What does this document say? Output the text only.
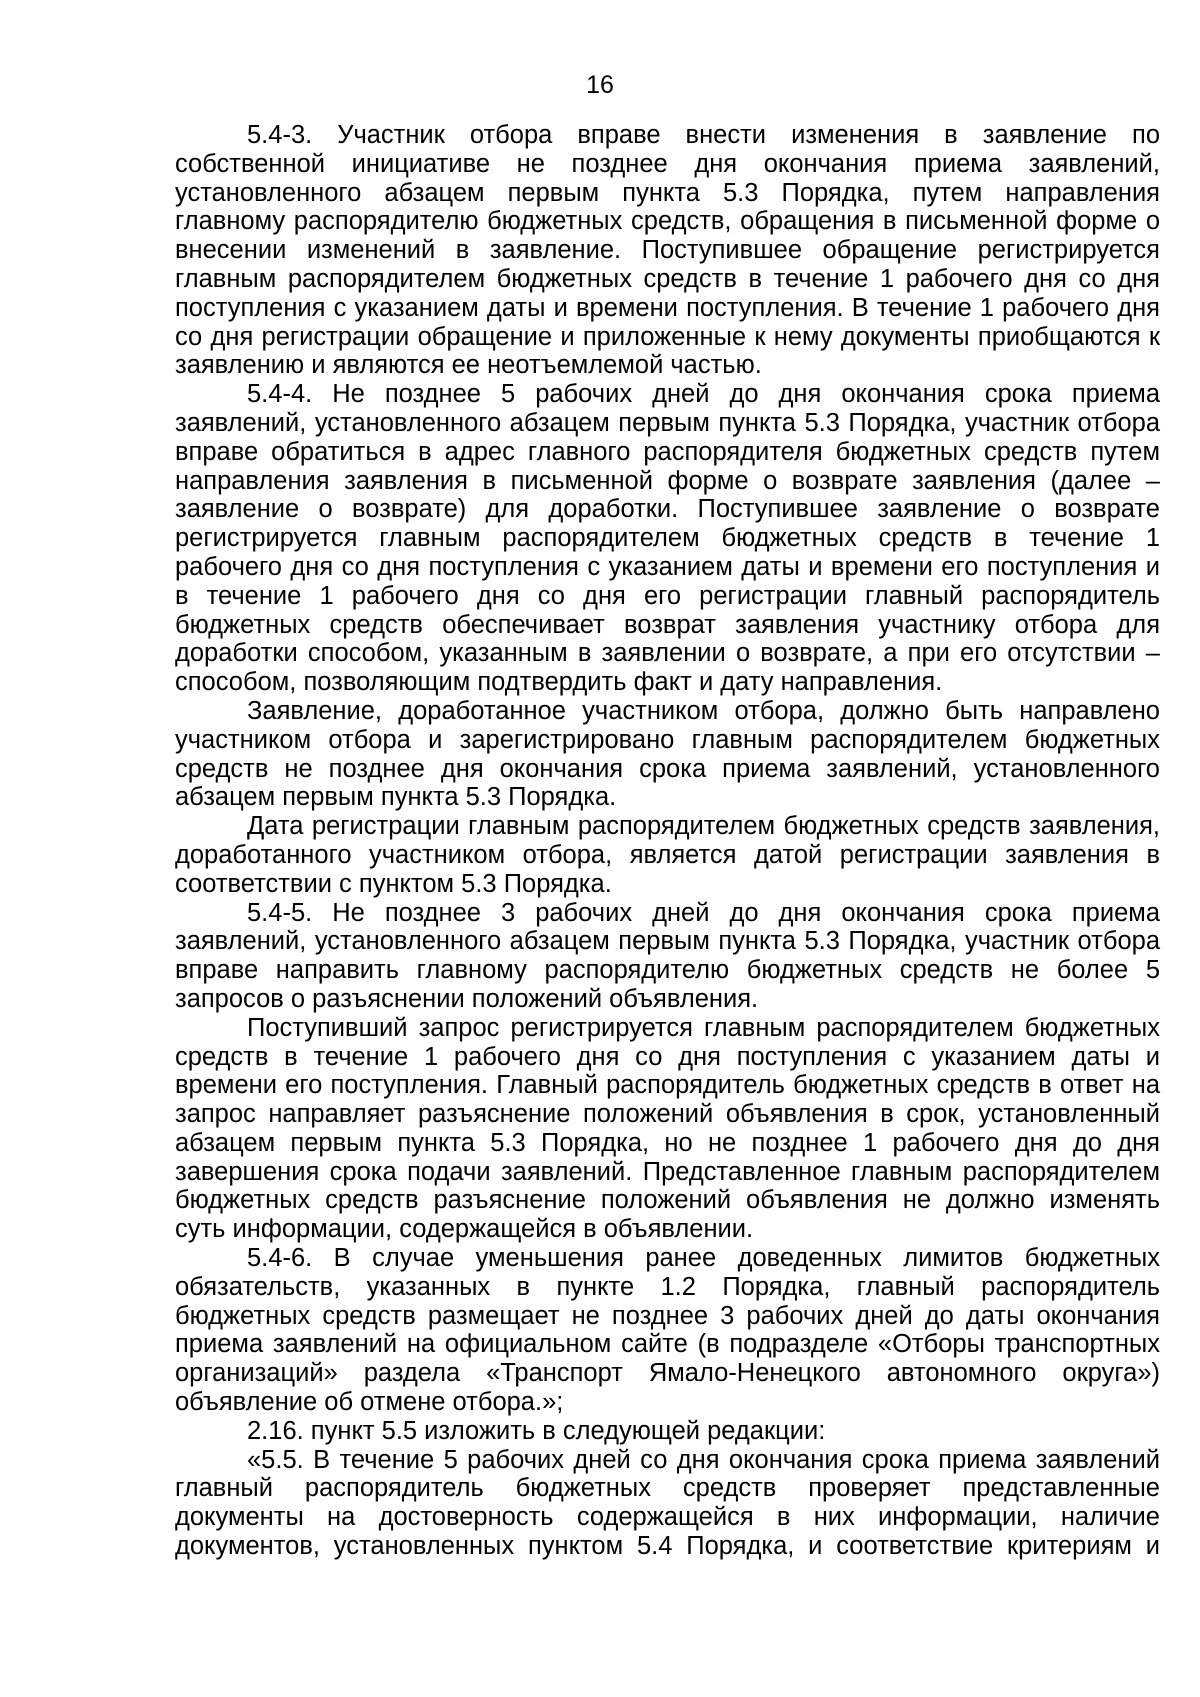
16

5.4-3. Участник отбора вправе внести изменения в заявление по собственной инициативе не позднее дня окончания приема заявлений, установленного абзацем первым пункта 5.3 Порядка, путем направления главному распорядителю бюджетных средств, обращения в письменной форме о внесении изменений в заявление. Поступившее обращение регистрируется главным распорядителем бюджетных средств в течение 1 рабочего дня со дня поступления с указанием даты и времени поступления. В течение 1 рабочего дня со дня регистрации обращение и приложенные к нему документы приобщаются к заявлению и являются ее неотъемлемой частью.

5.4-4. Не позднее 5 рабочих дней до дня окончания срока приема заявлений, установленного абзацем первым пункта 5.3 Порядка, участник отбора вправе обратиться в адрес главного распорядителя бюджетных средств путем направления заявления в письменной форме о возврате заявления (далее – заявление о возврате) для доработки. Поступившее заявление о возврате регистрируется главным распорядителем бюджетных средств в течение 1 рабочего дня со дня поступления с указанием даты и времени его поступления и в течение 1 рабочего дня со дня его регистрации главный распорядитель бюджетных средств обеспечивает возврат заявления участнику отбора для доработки способом, указанным в заявлении о возврате, а при его отсутствии – способом, позволяющим подтвердить факт и дату направления.

Заявление, доработанное участником отбора, должно быть направлено участником отбора и зарегистрировано главным распорядителем бюджетных средств не позднее дня окончания срока приема заявлений, установленного абзацем первым пункта 5.3 Порядка.

Дата регистрации главным распорядителем бюджетных средств заявления, доработанного участником отбора, является датой регистрации заявления в соответствии с пунктом 5.3 Порядка.

5.4-5. Не позднее 3 рабочих дней до дня окончания срока приема заявлений, установленного абзацем первым пункта 5.3 Порядка, участник отбора вправе направить главному распорядителю бюджетных средств не более 5 запросов о разъяснении положений объявления.

Поступивший запрос регистрируется главным распорядителем бюджетных средств в течение 1 рабочего дня со дня поступления с указанием даты и времени его поступления. Главный распорядитель бюджетных средств в ответ на запрос направляет разъяснение положений объявления в срок, установленный абзацем первым пункта 5.3 Порядка, но не позднее 1 рабочего дня до дня завершения срока подачи заявлений. Представленное главным распорядителем бюджетных средств разъяснение положений объявления не должно изменять суть информации, содержащейся в объявлении.

5.4-6. В случае уменьшения ранее доведенных лимитов бюджетных обязательств, указанных в пункте 1.2 Порядка, главный распорядитель бюджетных средств размещает не позднее 3 рабочих дней до даты окончания приема заявлений на официальном сайте (в подразделе «Отборы транспортных организаций» раздела «Транспорт Ямало-Ненецкого автономного округа») объявление об отмене отбора.»;

2.16. пункт 5.5 изложить в следующей редакции:

«5.5. В течение 5 рабочих дней со дня окончания срока приема заявлений главный распорядитель бюджетных средств проверяет представленные документы на достоверность содержащейся в них информации, наличие документов, установленных пунктом 5.4 Порядка, и соответствие критериям и
